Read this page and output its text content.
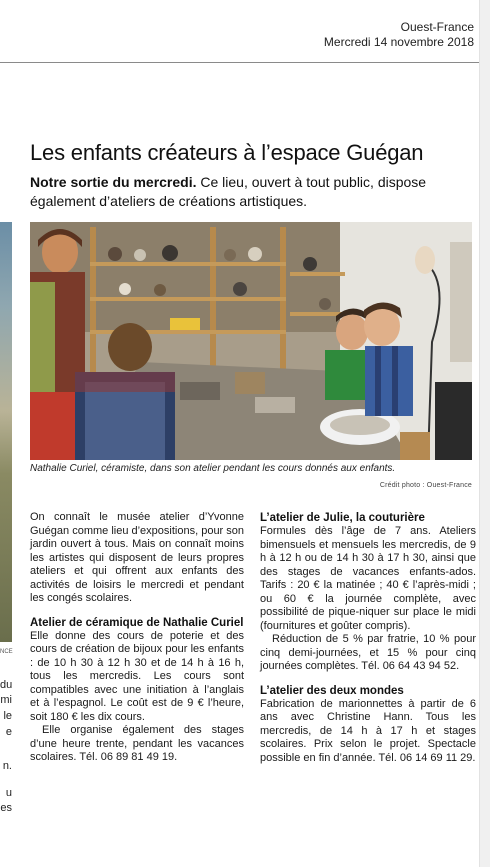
Ouest-France
Mercredi 14 novembre 2018
Les enfants créateurs à l’espace Guégan

Notre sortie du mercredi. Ce lieu, ouvert à tout public, dispose également d’ateliers de créations artistiques.

NCE
du
mi
le
e
n.
u
es

Nathalie Curiel, céramiste, dans son atelier pendant les cours donnés aux enfants.

Crédit photo : Ouest-France

On connaît le musée atelier d’Yvonne Guégan comme lieu d’expositions, pour son jardin ouvert à tous. Mais on connaît moins les artistes qui disposent de leurs propres ateliers et qui offrent aux enfants des activités de loisirs le mercredi et pendant les congés scolaires.

Atelier de céramique de Nathalie Curiel

Elle donne des cours de poterie et des cours de création de bijoux pour les enfants : de 10 h 30 à 12 h 30 et de 14 h à 16 h, tous les mercredis. Les cours sont compatibles avec une initiation à l’anglais et à l’espagnol. Le coût est de 9 € l’heure, soit 180 € les dix cours.

Elle organise également des stages d’une heure trente, pendant les vacances scolaires. Tél. 06 89 81 49 19.

L’atelier de Julie, la couturière

Formules dès l’âge de 7 ans. Ateliers bimensuels et mensuels les mercredis, de 9 h à 12 h ou de 14 h 30 à 17 h 30, ainsi que des stages de vacances enfants-ados. Tarifs : 20 € la matinée ; 40 € l’après-midi ; ou 60 € la journée complète, avec possibilité de pique-niquer sur place le midi (fournitures et goûter compris).

Réduction de 5 % par fratrie, 10 % pour cinq demi-journées, et 15 % pour cinq journées complètes. Tél. 06 64 43 94 52.

L’atelier des deux mondes

Fabrication de marionnettes à partir de 6 ans avec Christine Hann. Tous les mercredis, de 14 h à 17 h et stages scolaires. Prix selon le projet. Spectacle possible en fin d’année. Tél. 06 14 69 11 29.
